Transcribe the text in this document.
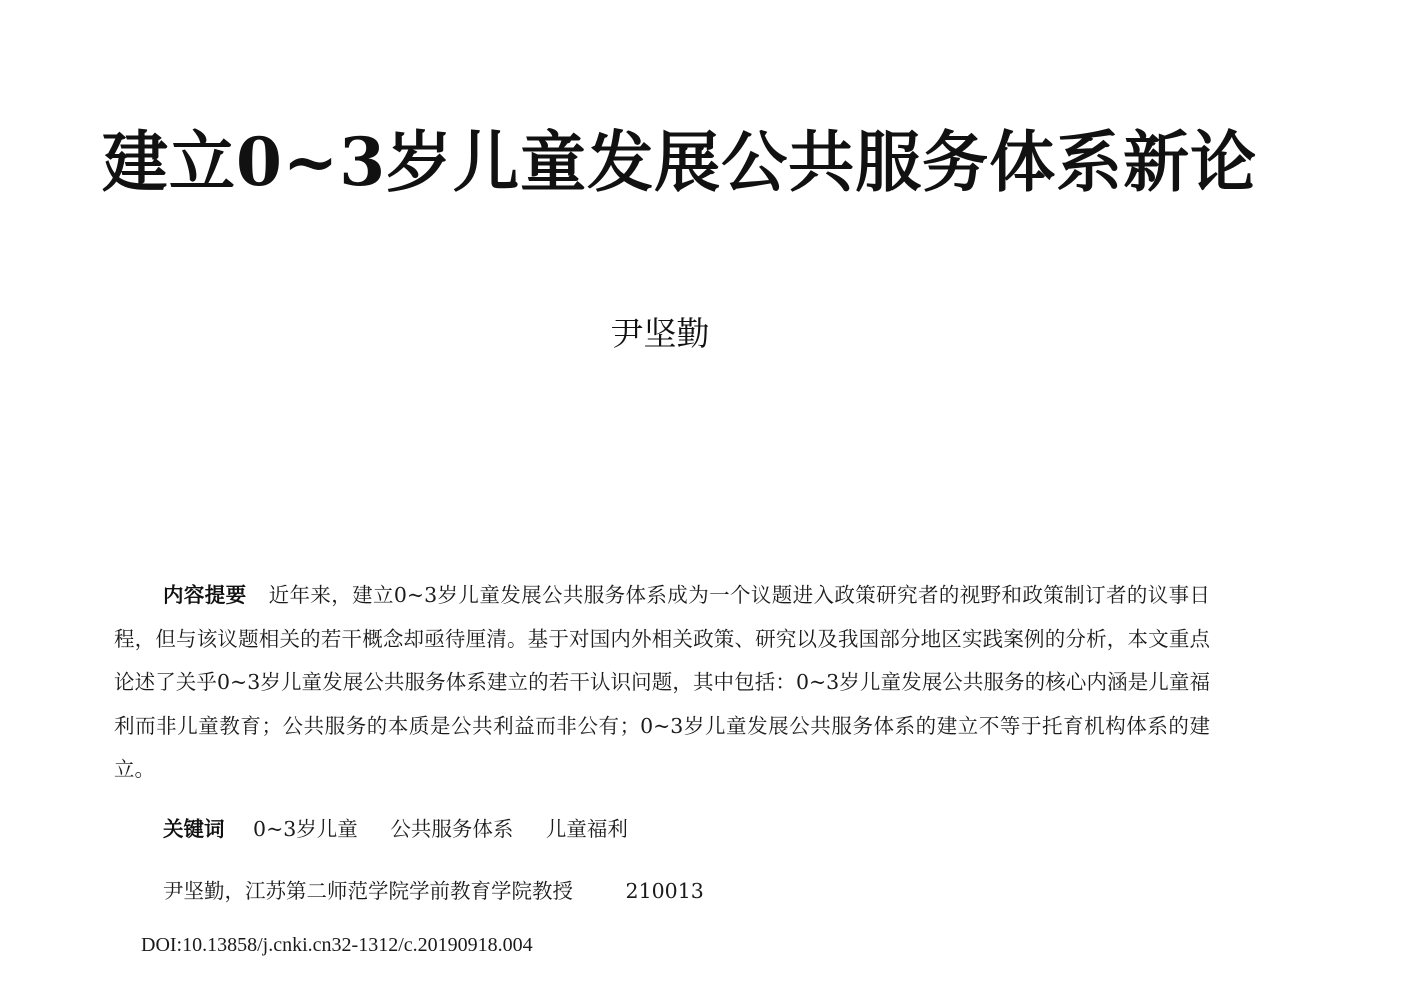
建立0~3岁儿童发展公共服务体系新论
尹坚勤

内容提要 近年来，建立0~3岁儿童发展公共服务体系成为一个议题进入政策研究者的视野和政策制订者的议事日程，但与该议题相关的若干概念却亟待厘清。基于对国内外相关政策、研究以及我国部分地区实践案例的分析，本文重点论述了关乎0~3岁儿童发展公共服务体系建立的若干认识问题，其中包括：0~3岁儿童发展公共服务的核心内涵是儿童福利而非儿童教育；公共服务的本质是公共利益而非公有；0~3岁儿童发展公共服务体系的建立不等于托育机构体系的建立。

关键词 0~3岁儿童 公共服务体系 儿童福利
尹坚勤，江苏第二师范学院学前教育学院教授	210013
DOI:10.13858/j.cnki.cn32-1312/c.20190918.004
